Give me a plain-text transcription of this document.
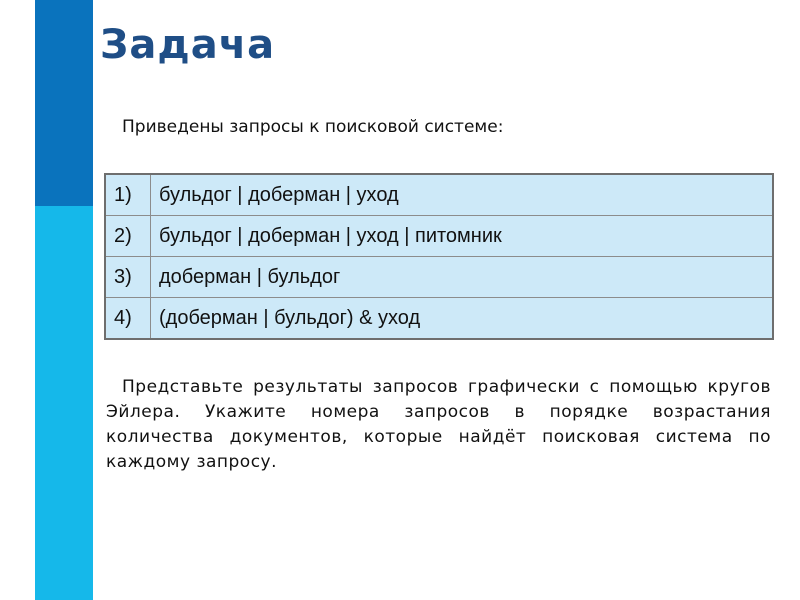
Задача
Приведены запросы к поисковой системе:
1)	бульдог | доберман | уход
2)	бульдог | доберман | уход | питомник
3)	доберман | бульдог
4)	(доберман | бульдог) & уход
Представьте результаты запросов графически с помощью кругов Эйлера. Укажите номера запросов в порядке возрастания количества документов, которые найдёт поисковая система по каждому запросу.
